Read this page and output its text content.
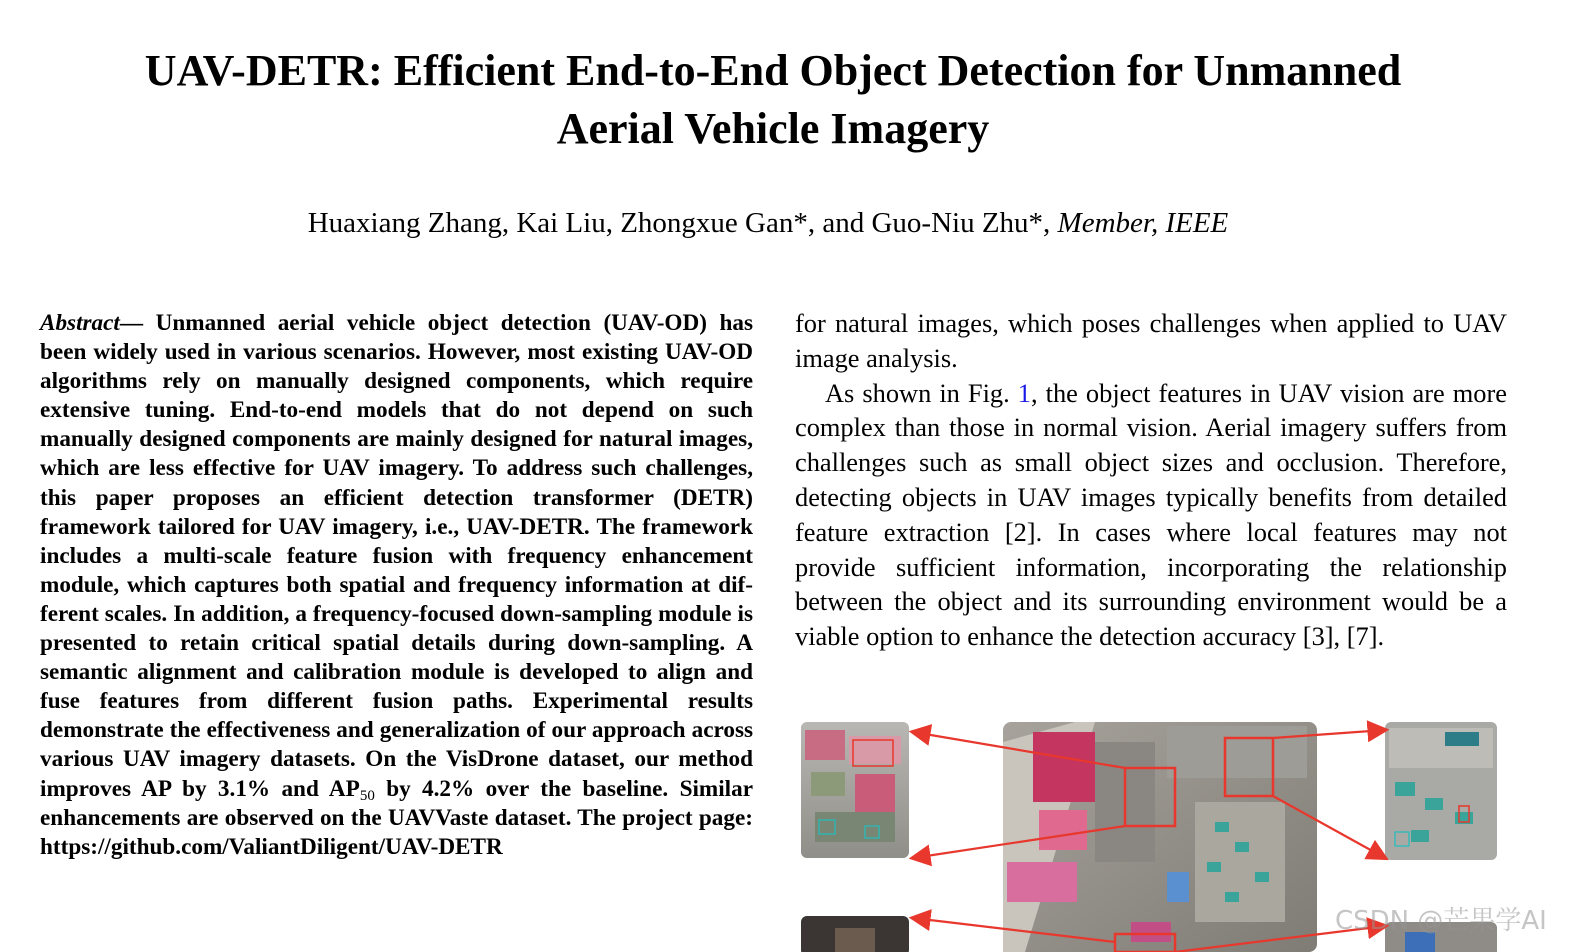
UAV-DETR: Efficient End-to-End Object Detection for Unmanned
Aerial Vehicle Imagery
Huaxiang Zhang, Kai Liu, Zhongxue Gan*, and Guo-Niu Zhu*, Member, IEEE
Abstract— Unmanned aerial vehicle object detection (UAV-OD) has been widely used in various scenarios. However, most existing UAV-OD algorithms rely on manually designed components, which require extensive tuning. End-to-end models that do not depend on such manually designed components are mainly designed for natural images, which are less effective for UAV imagery. To address such challenges, this paper proposes an efficient detection transformer (DETR) framework tailored for UAV imagery, i.e., UAV-DETR. The framework includes a multi-scale feature fusion with frequency enhancement module, which captures both spatial and frequency information at different scales. In addition, a frequency-focused down-sampling module is presented to retain critical spatial details during down-sampling. A semantic alignment and calibration module is developed to align and fuse features from different fusion paths. Experimental results demonstrate the effectiveness and generalization of our approach across various UAV imagery datasets. On the VisDrone dataset, our method improves AP by 3.1% and $AP_{50}$ by 4.2% over the baseline. Similar enhancements are observed on the UAVVaste dataset. The project page: https://github.com/ValiantDiligent/UAV-DETR

for natural images, which poses challenges when applied to UAV image analysis.

As shown in Fig. 1, the object features in UAV vision are more complex than those in normal vision. Aerial imagery suffers from challenges such as small object sizes and occlusion. Therefore, detecting objects in UAV images typically benefits from detailed feature extraction [2]. In cases where local features may not provide sufficient information, incorporating the relationship between the object and its surrounding environment would be a viable option to enhance the detection accuracy [3], [7].

CSDN @芒果学AI
